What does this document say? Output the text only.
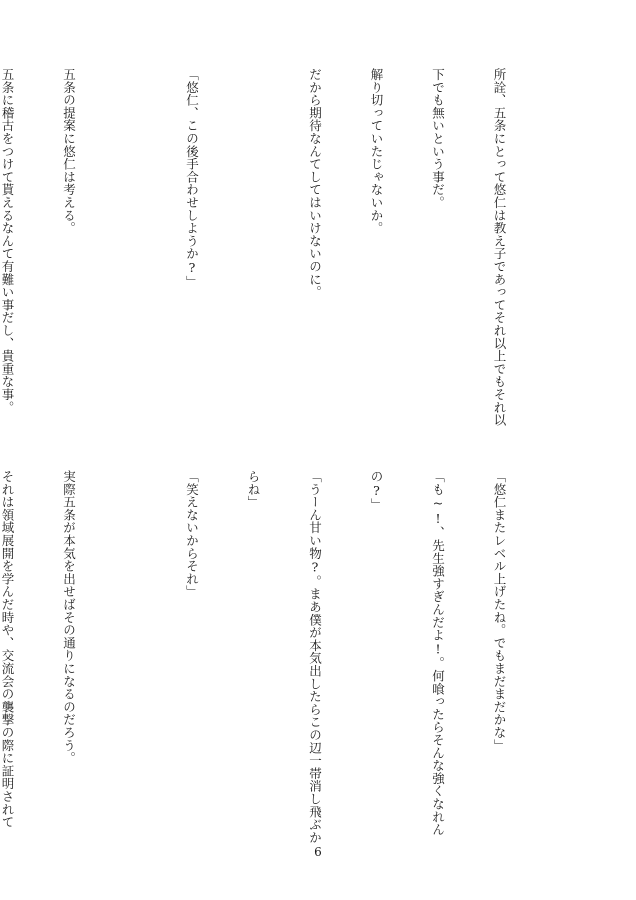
所詮、五条にとって悠仁は教え子であってそれ以上でもそれ以

下でも無いという事だ。

解り切っていたじゃないか。

だから期待なんてしてはいけないのに。

「悠仁、この後手合わせしようか?」

五条の提案に悠仁は考える。

五条に稽古をつけて貰えるなんて有難い事だし、貴重な事。

「悠仁またレベル上げたね。でもまだまだかな」

「も~!、先生強すぎんだよ!。何喰ったらそんな強くなれん

の?」

「うーん甘い物?。まあ僕が本気出したらこの辺一帯消し飛ぶか

らね」

「笑えないからそれ」

実際五条が本気を出せばその通りになるのだろう。

それは領域展開を学んだ時や、交流会の襲撃の際に証明されて

6
